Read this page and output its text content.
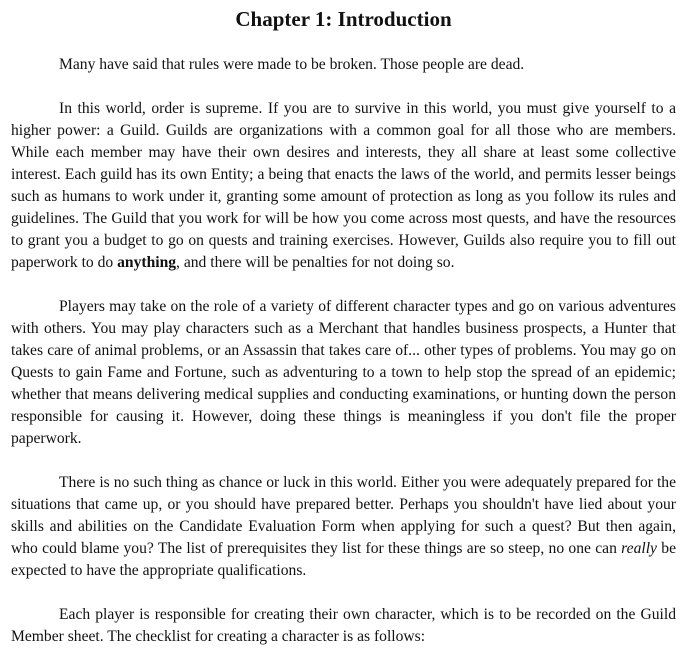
Chapter 1: Introduction

Many have said that rules were made to be broken. Those people are dead.

In this world, order is supreme. If you are to survive in this world, you must give yourself to a higher power: a Guild. Guilds are organizations with a common goal for all those who are members. While each member may have their own desires and interests, they all share at least some collective interest. Each guild has its own Entity; a being that enacts the laws of the world, and permits lesser beings such as humans to work under it, granting some amount of protection as long as you follow its rules and guidelines. The Guild that you work for will be how you come across most quests, and have the resources to grant you a budget to go on quests and training exercises. However, Guilds also require you to fill out paperwork to do anything, and there will be penalties for not doing so.

Players may take on the role of a variety of different character types and go on various adventures with others. You may play characters such as a Merchant that handles business prospects, a Hunter that takes care of animal problems, or an Assassin that takes care of... other types of problems. You may go on Quests to gain Fame and Fortune, such as adventuring to a town to help stop the spread of an epidemic; whether that means delivering medical supplies and conducting examinations, or hunting down the person responsible for causing it. However, doing these things is meaningless if you don't file the proper paperwork.

There is no such thing as chance or luck in this world. Either you were adequately prepared for the situations that came up, or you should have prepared better. Perhaps you shouldn't have lied about your skills and abilities on the Candidate Evaluation Form when applying for such a quest? But then again, who could blame you? The list of prerequisites they list for these things are so steep, no one can really be expected to have the appropriate qualifications.

Each player is responsible for creating their own character, which is to be recorded on the Guild Member sheet. The checklist for creating a character is as follows:
